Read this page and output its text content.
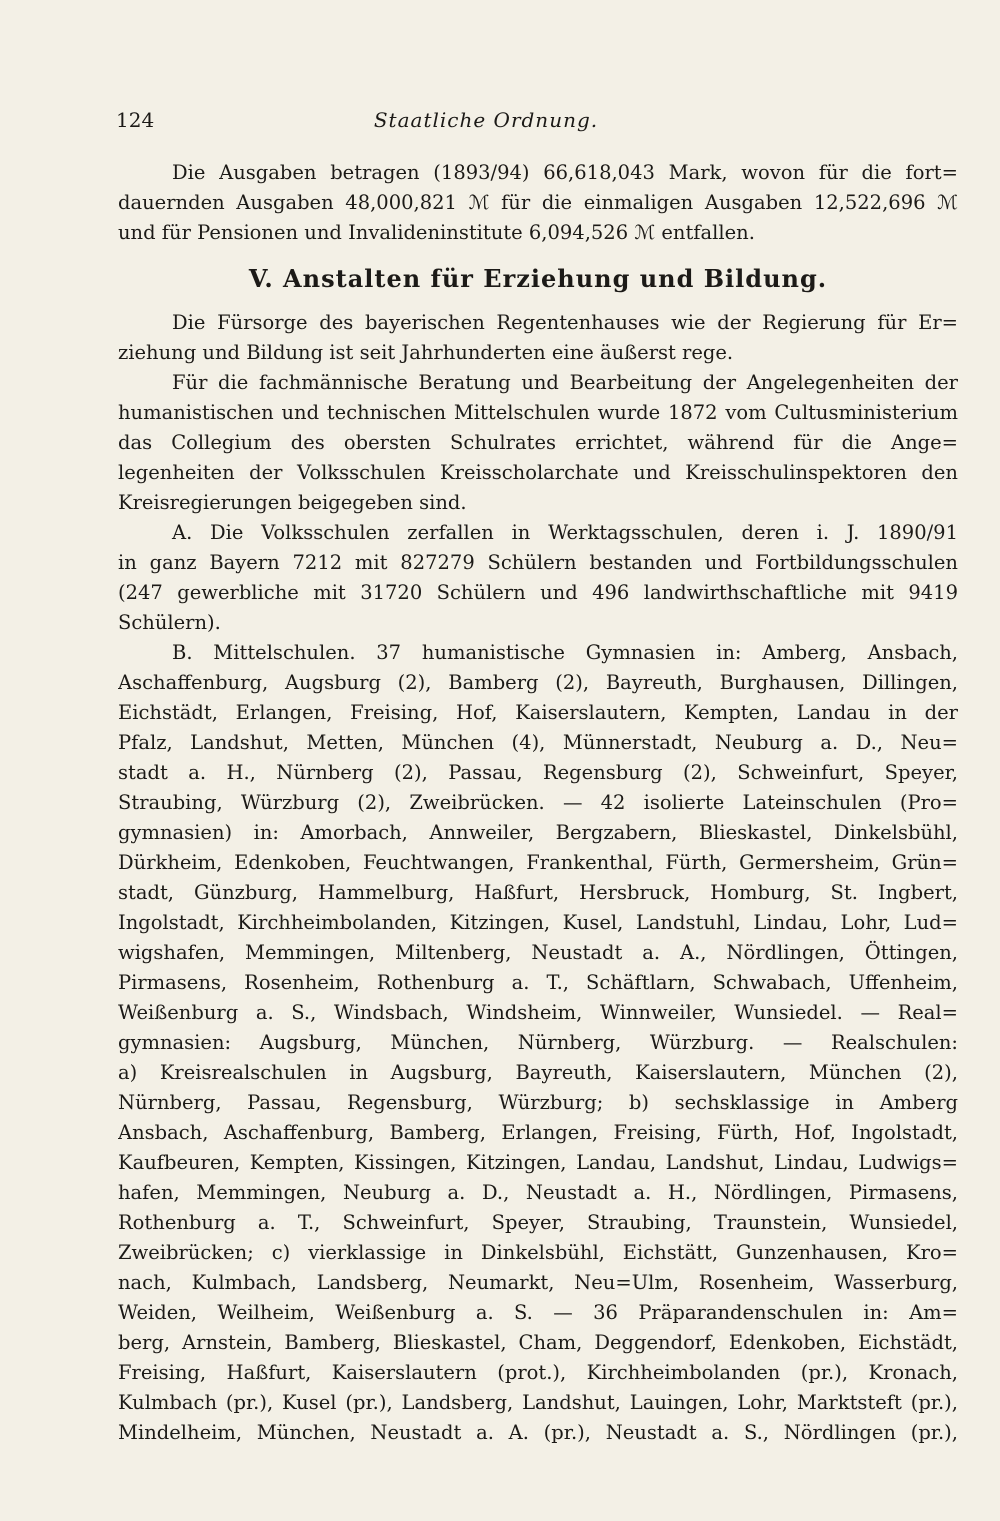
124	Staatliche Ordnung.
Die Ausgaben betragen (1893/94) 66,618,043 Mark, wovon für die fort=
dauernden Ausgaben 48,000,821 ℳ für die einmaligen Ausgaben 12,522,696 ℳ
und für Pensionen und Invalideninstitute 6,094,526 ℳ entfallen.
V. Anstalten für Erziehung und Bildung.
Die Fürsorge des bayerischen Regentenhauses wie der Regierung für Er=
ziehung und Bildung ist seit Jahrhunderten eine äußerst rege.
Für die fachmännische Beratung und Bearbeitung der Angelegenheiten der
humanistischen und technischen Mittelschulen wurde 1872 vom Cultusministerium
das Collegium des obersten Schulrates errichtet, während für die Ange=
legenheiten der Volksschulen Kreisscholarchate und Kreisschulinspektoren den
Kreisregierungen beigegeben sind.
A. Die Volksschulen zerfallen in Werktagsschulen, deren i. J. 1890/91
in ganz Bayern 7212 mit 827279 Schülern bestanden und Fortbildungsschulen
(247 gewerbliche mit 31720 Schülern und 496 landwirthschaftliche mit 9419
Schülern).
B. Mittelschulen. 37 humanistische Gymnasien in: Amberg, Ansbach,
Aschaffenburg, Augsburg (2), Bamberg (2), Bayreuth, Burghausen, Dillingen,
Eichstädt, Erlangen, Freising, Hof, Kaiserslautern, Kempten, Landau in der
Pfalz, Landshut, Metten, München (4), Münnerstadt, Neuburg a. D., Neu=
stadt a. H., Nürnberg (2), Passau, Regensburg (2), Schweinfurt, Speyer,
Straubing, Würzburg (2), Zweibrücken. — 42 isolierte Lateinschulen (Pro=
gymnasien) in: Amorbach, Annweiler, Bergzabern, Blieskastel, Dinkelsbühl,
Dürkheim, Edenkoben, Feuchtwangen, Frankenthal, Fürth, Germersheim, Grün=
stadt, Günzburg, Hammelburg, Haßfurt, Hersbruck, Homburg, St. Ingbert,
Ingolstadt, Kirchheimbolanden, Kitzingen, Kusel, Landstuhl, Lindau, Lohr, Lud=
wigshafen, Memmingen, Miltenberg, Neustadt a. A., Nördlingen, Öttingen,
Pirmasens, Rosenheim, Rothenburg a. T., Schäftlarn, Schwabach, Uffenheim,
Weißenburg a. S., Windsbach, Windsheim, Winnweiler, Wunsiedel. — Real=
gymnasien: Augsburg, München, Nürnberg, Würzburg. — Realschulen:
a) Kreisrealschulen in Augsburg, Bayreuth, Kaiserslautern, München (2),
Nürnberg, Passau, Regensburg, Würzburg; b) sechsklassige in Amberg
Ansbach, Aschaffenburg, Bamberg, Erlangen, Freising, Fürth, Hof, Ingolstadt,
Kaufbeuren, Kempten, Kissingen, Kitzingen, Landau, Landshut, Lindau, Ludwigs=
hafen, Memmingen, Neuburg a. D., Neustadt a. H., Nördlingen, Pirmasens,
Rothenburg a. T., Schweinfurt, Speyer, Straubing, Traunstein, Wunsiedel,
Zweibrücken; c) vierklassige in Dinkelsbühl, Eichstätt, Gunzenhausen, Kro=
nach, Kulmbach, Landsberg, Neumarkt, Neu=Ulm, Rosenheim, Wasserburg,
Weiden, Weilheim, Weißenburg a. S. — 36 Präparandenschulen in: Am=
berg, Arnstein, Bamberg, Blieskastel, Cham, Deggendorf, Edenkoben, Eichstädt,
Freising, Haßfurt, Kaiserslautern (prot.), Kirchheimbolanden (pr.), Kronach,
Kulmbach (pr.), Kusel (pr.), Landsberg, Landshut, Lauingen, Lohr, Marktsteft (pr.),
Mindelheim, München, Neustadt a. A. (pr.), Neustadt a. S., Nördlingen (pr.),
